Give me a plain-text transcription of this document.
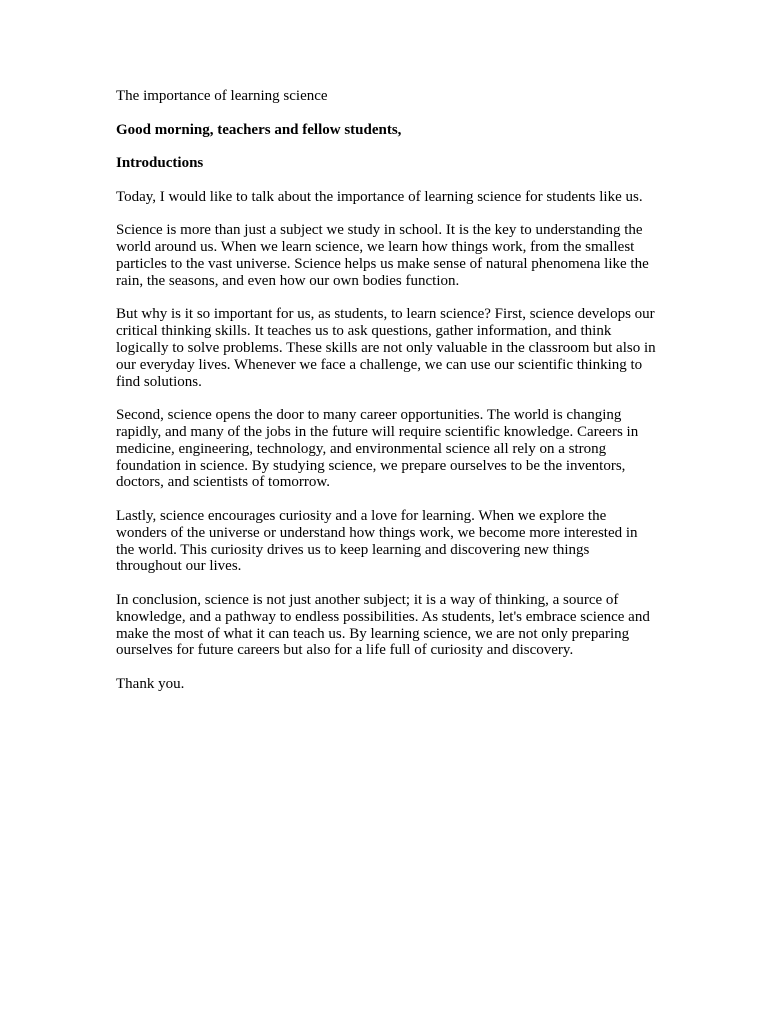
The importance of learning science

Good morning, teachers and fellow students,

Introductions

Today, I would like to talk about the importance of learning science for students like us.

Science is more than just a subject we study in school. It is the key to understanding the world around us. When we learn science, we learn how things work, from the smallest particles to the vast universe. Science helps us make sense of natural phenomena like the rain, the seasons, and even how our own bodies function.

But why is it so important for us, as students, to learn science? First, science develops our critical thinking skills. It teaches us to ask questions, gather information, and think logically to solve problems. These skills are not only valuable in the classroom but also in our everyday lives. Whenever we face a challenge, we can use our scientific thinking to find solutions.

Second, science opens the door to many career opportunities. The world is changing rapidly, and many of the jobs in the future will require scientific knowledge. Careers in medicine, engineering, technology, and environmental science all rely on a strong foundation in science. By studying science, we prepare ourselves to be the inventors, doctors, and scientists of tomorrow.

Lastly, science encourages curiosity and a love for learning. When we explore the wonders of the universe or understand how things work, we become more interested in the world. This curiosity drives us to keep learning and discovering new things throughout our lives.

In conclusion, science is not just another subject; it is a way of thinking, a source of knowledge, and a pathway to endless possibilities. As students, let's embrace science and make the most of what it can teach us. By learning science, we are not only preparing ourselves for future careers but also for a life full of curiosity and discovery.

Thank you.
